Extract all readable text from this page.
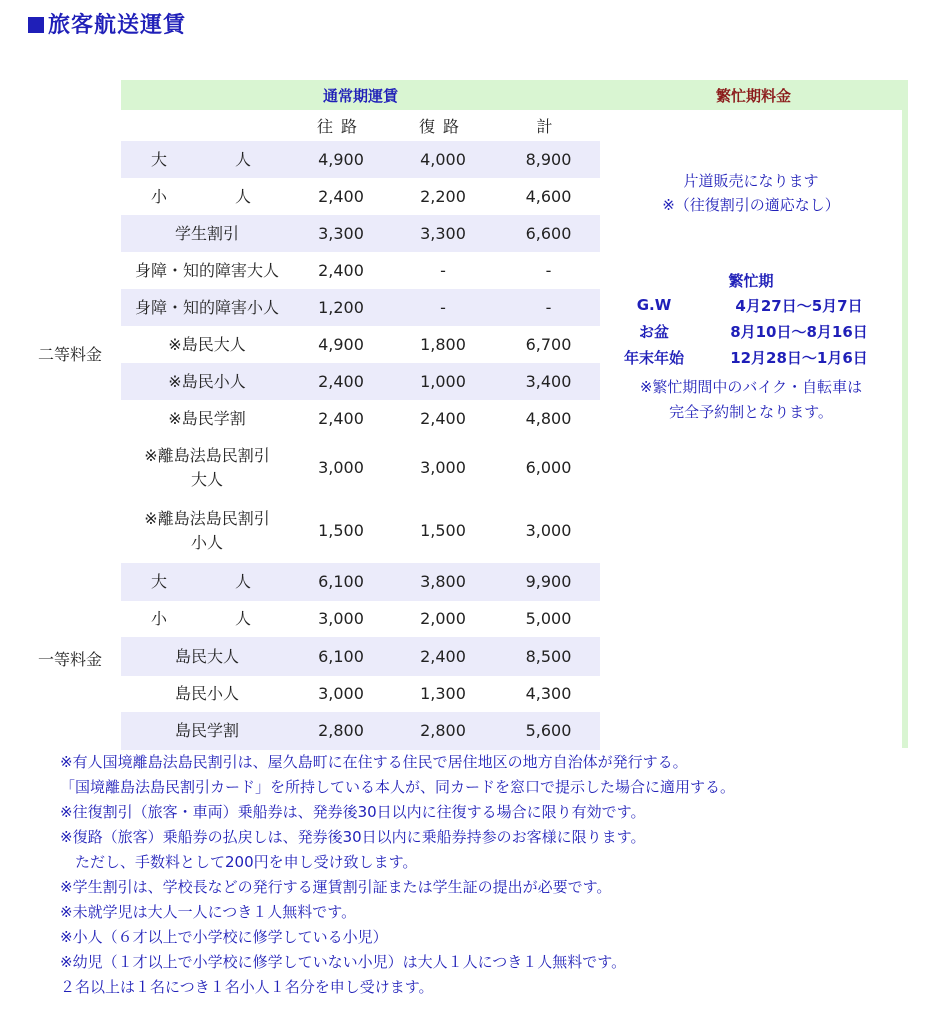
旅客航送運賃
通常期運賃	繁忙期料金
往路	復路	計
二等料金
一等料金
大　　人	4,900	4,000	8,900
小　　人	2,400	2,200	4,600
学生割引	3,300	3,300	6,600
身障・知的障害大人	2,400	-	-
身障・知的障害小人	1,200	-	-
※島民大人	4,900	1,800	6,700
※島民小人	2,400	1,000	3,400
※島民学割	2,400	2,400	4,800
※離島法島民割引
大人
3,000	3,000	6,000
※離島法島民割引
小人
1,500	1,500	3,000
大　　人	6,100	3,800	9,900
小　　人	3,000	2,000	5,000
島民大人	6,100	2,400	8,500
島民小人	3,000	1,300	4,300
島民学割	2,800	2,800	5,600
片道販売になります
※（往復割引の適応なし）
繁忙期
G.W	4月27日〜5月7日
お盆	8月10日〜8月16日
年末年始	12月28日〜1月6日
※繁忙期間中のバイク・自転車は
完全予約制となります。
※有人国境離島法島民割引は、屋久島町に在住する住民で居住地区の地方自治体が発行する。
「国境離島法島民割引カード」を所持している本人が、同カードを窓口で提示した場合に適用する。
※往復割引（旅客・車両）乗船券は、発券後30日以内に往復する場合に限り有効です。
※復路（旅客）乗船券の払戻しは、発券後30日以内に乗船券持参のお客様に限ります。
　ただし、手数料として200円を申し受け致します。
※学生割引は、学校長などの発行する運賃割引証または学生証の提出が必要です。
※未就学児は大人一人につき１人無料です。
※小人（６才以上で小学校に修学している小児）
※幼児（１才以上で小学校に修学していない小児）は大人１人につき１人無料です。
２名以上は１名につき１名小人１名分を申し受けます。
